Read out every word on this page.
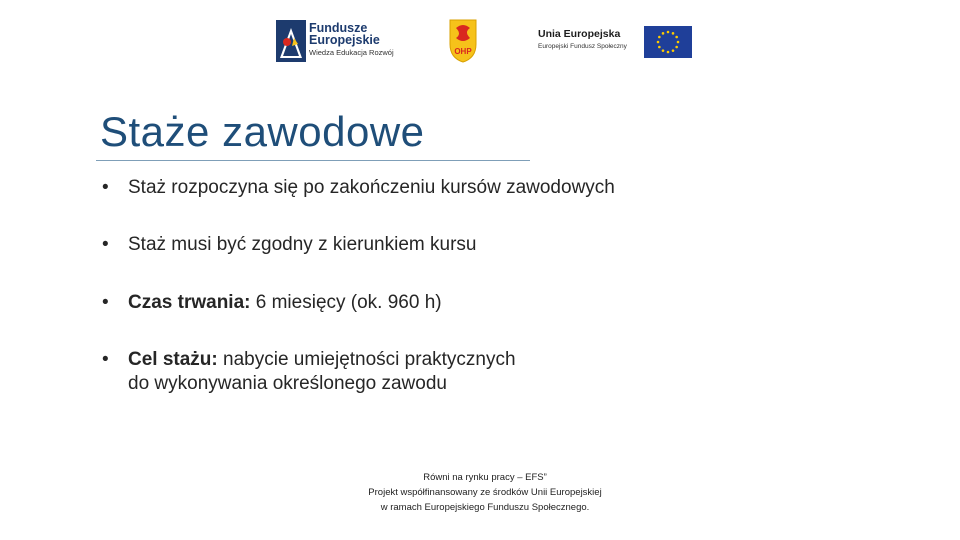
Fundusze
Europejskie
Wiedza Edukacja Rozwój	OHP
Unia Europejska
Europejski Fundusz Społeczny
Staże zawodowe
• Staż rozpoczyna się po zakończeniu kursów zawodowych
• Staż musi być zgodny z kierunkiem kursu
• Czas trwania: 6 miesięcy (ok. 960 h)
• Cel stażu: nabycie umiejętności praktycznych
do wykonywania określonego zawodu
Równi na rynku pracy – EFS”
Projekt współfinansowany ze środków Unii Europejskiej
w ramach Europejskiego Funduszu Społecznego.
